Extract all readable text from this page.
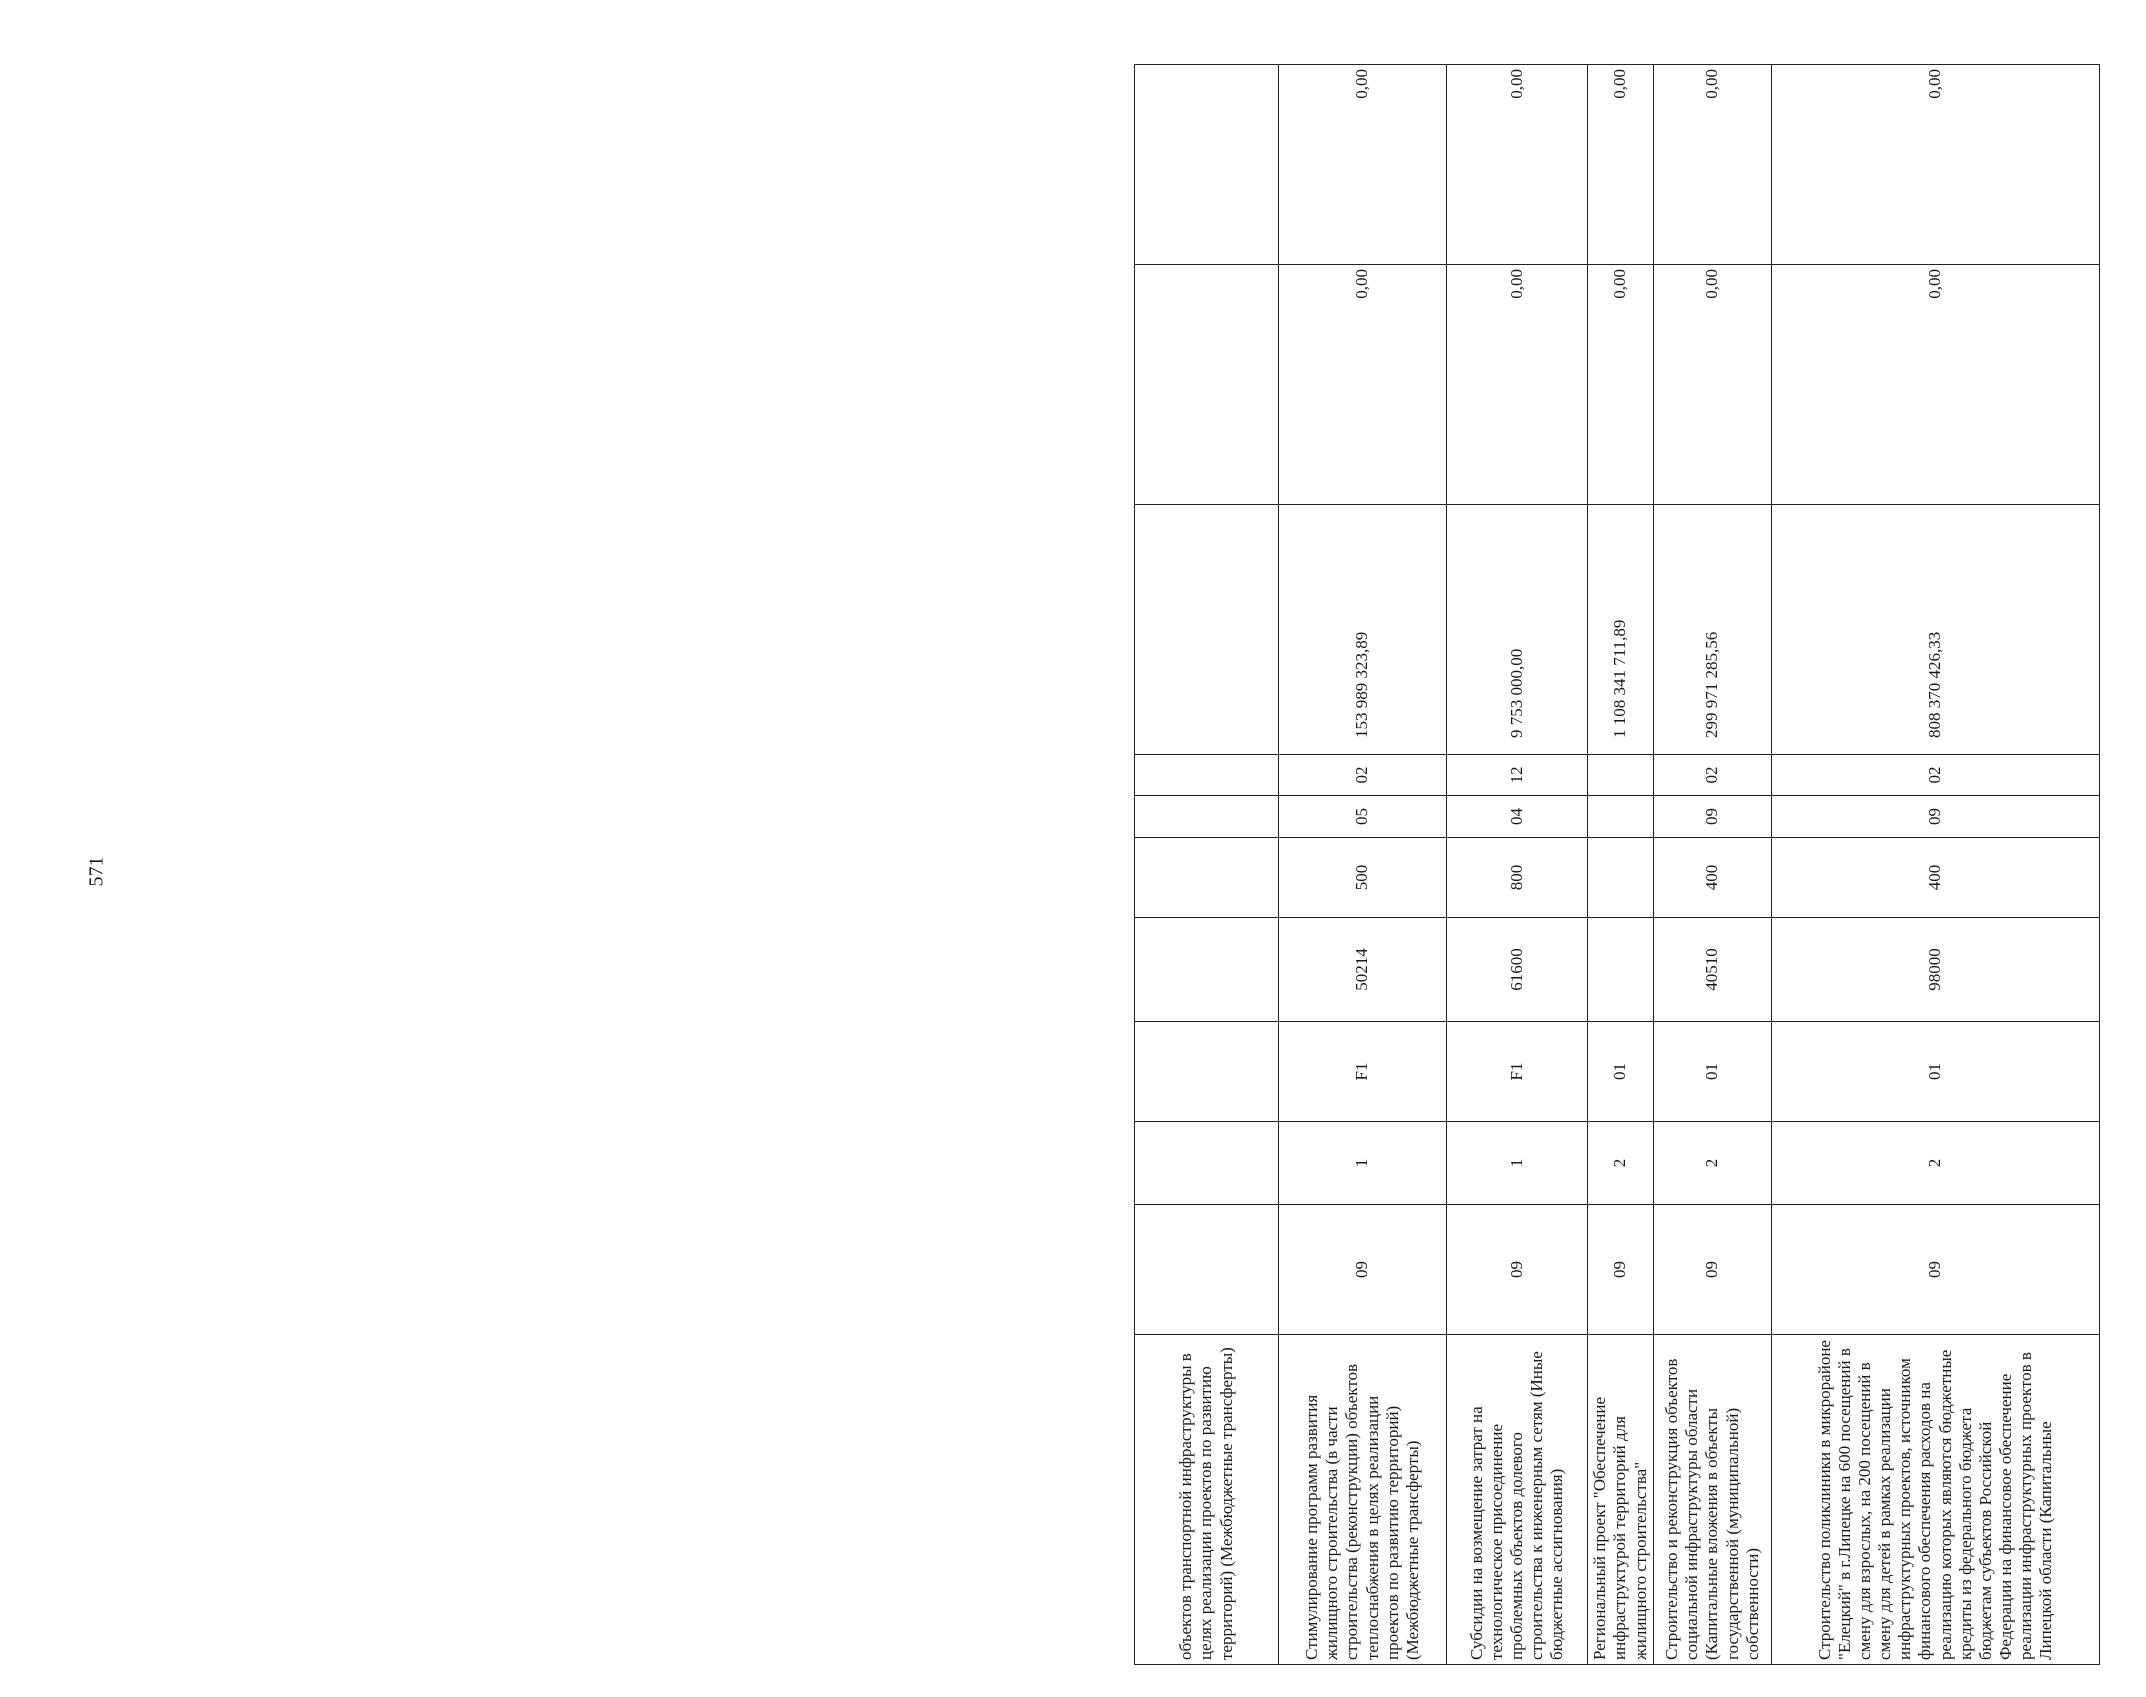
571
объектов транспортной инфраструктуры в целях реализации проектов по развитию территорий) (Межбюджетные трансферты)										
Стимулирование программ развития жилищного строительства (в части строительства (реконструкции) объектов теплоснабжения в целях реализации проектов по развитию территорий) (Межбюджетные трансферты)	09	1	F1	50214	500	05	02	153 989 323,89	0,00	0,00
Субсидии на возмещение затрат на технологическое присоединение проблемных объектов долевого строительства к инженерным сетям (Иные бюджетные ассигнования)	09	1	F1	61600	800	04	12	9 753 000,00	0,00	0,00
Региональный проект "Обеспечение инфраструктурой территорий для жилищного строительства"	09	2	01					1 108 341 711,89	0,00	0,00
Строительство и реконструкция объектов социальной инфраструктуры области (Капитальные вложения в объекты государственной (муниципальной) собственности)	09	2	01	40510	400	09	02	299 971 285,56	0,00	0,00
Строительство поликлиники в микрорайоне "Елецкий" в г.Липецке на 600 посещений в смену для взрослых, на 200 посещений в смену для детей в рамках реализации инфраструктурных проектов, источником финансового обеспечения расходов на реализацию которых являются бюджетные кредиты из федерального бюджета бюджетам субъектов Российской Федерации на финансовое обеспечение реализации инфраструктурных проектов в Липецкой области (Капитальные	09	2	01	98000	400	09	02	808 370 426,33	0,00	0,00
